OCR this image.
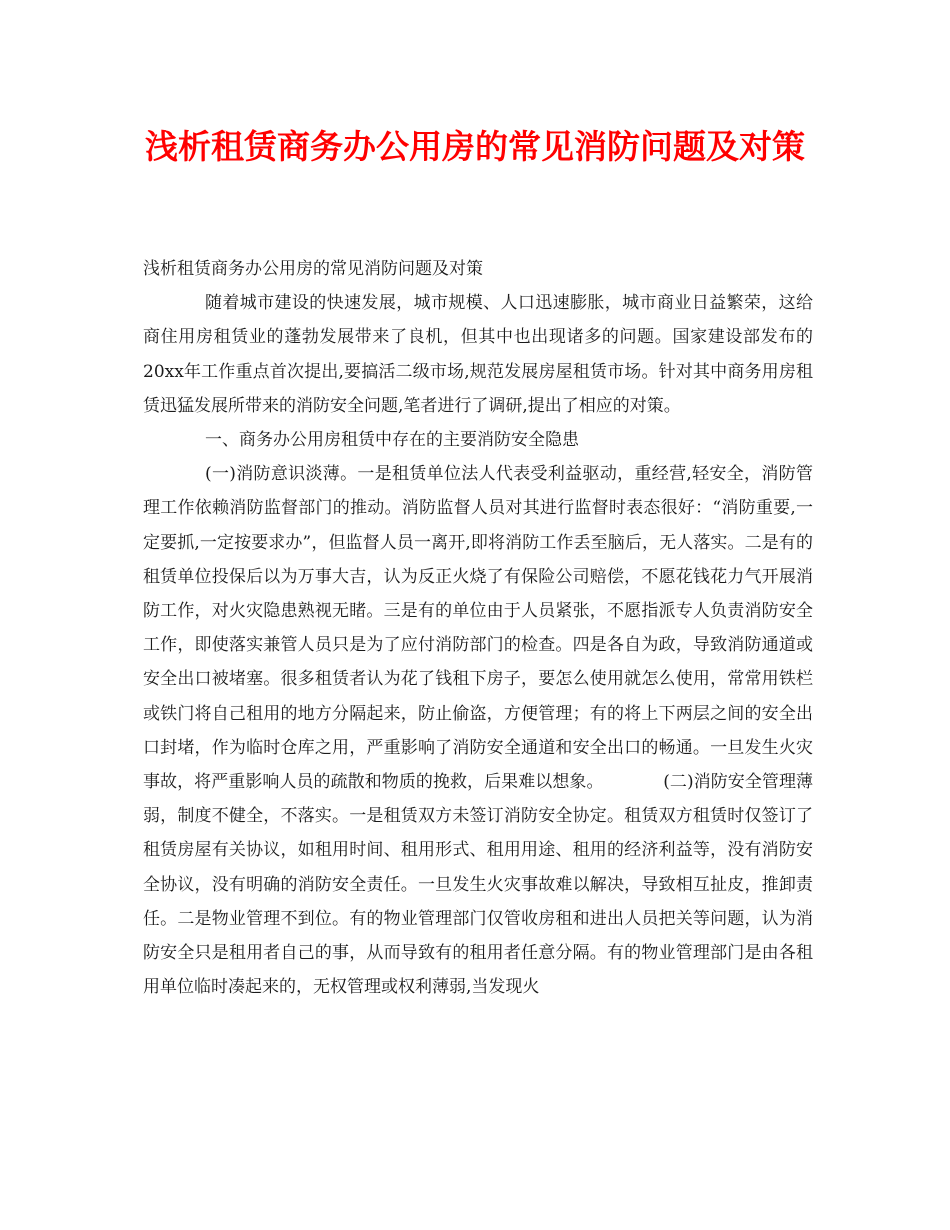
浅析租赁商务办公用房的常见消防问题及对策

浅析租赁商务办公用房的常见消防问题及对策

随着城市建设的快速发展，城市规模、人口迅速膨胀，城市商业日益繁荣，这给商住用房租赁业的蓬勃发展带来了良机，但其中也出现诸多的问题。国家建设部发布的20xx年工作重点首次提出,要搞活二级市场,规范发展房屋租赁市场。针对其中商务用房租赁迅猛发展所带来的消防安全问题,笔者进行了调研,提出了相应的对策。

一、商务办公用房租赁中存在的主要消防安全隐患

(一)消防意识淡薄。一是租赁单位法人代表受利益驱动，重经营,轻安全，消防管理工作依赖消防监督部门的推动。消防监督人员对其进行监督时表态很好：“消防重要,一定要抓,一定按要求办”，但监督人员一离开,即将消防工作丢至脑后，无人落实。二是有的租赁单位投保后以为万事大吉，认为反正火烧了有保险公司赔偿，不愿花钱花力气开展消防工作，对火灾隐患熟视无睹。三是有的单位由于人员紧张，不愿指派专人负责消防安全工作，即使落实兼管人员只是为了应付消防部门的检查。四是各自为政，导致消防通道或安全出口被堵塞。很多租赁者认为花了钱租下房子，要怎么使用就怎么使用，常常用铁栏或铁门将自己租用的地方分隔起来，防止偷盗，方便管理；有的将上下两层之间的安全出口封堵，作为临时仓库之用，严重影响了消防安全通道和安全出口的畅通。一旦发生火灾事故，将严重影响人员的疏散和物质的挽救，后果难以想象。　　　　(二)消防安全管理薄弱，制度不健全，不落实。一是租赁双方未签订消防安全协定。租赁双方租赁时仅签订了租赁房屋有关协议，如租用时间、租用形式、租用用途、租用的经济利益等，没有消防安全协议，没有明确的消防安全责任。一旦发生火灾事故难以解决，导致相互扯皮，推卸责任。二是物业管理不到位。有的物业管理部门仅管收房租和进出人员把关等问题，认为消防安全只是租用者自己的事，从而导致有的租用者任意分隔。有的物业管理部门是由各租用单位临时凑起来的，无权管理或权利薄弱,当发现火
